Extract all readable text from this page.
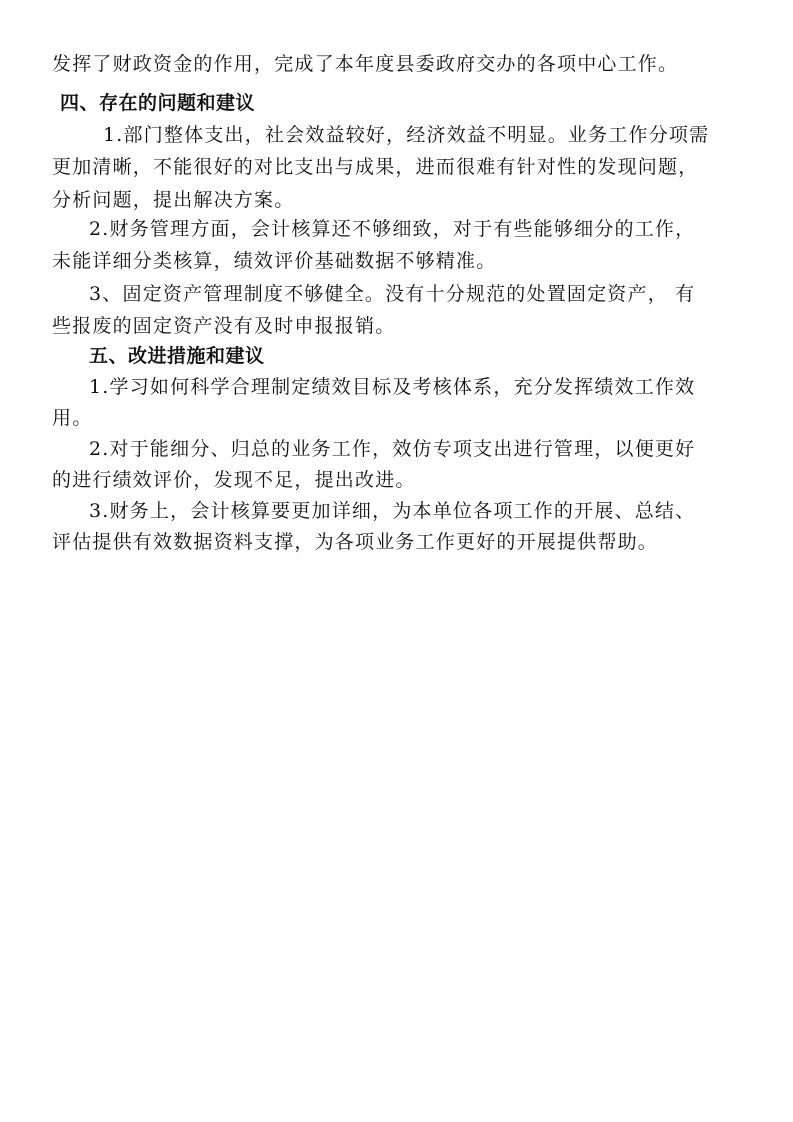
发挥了财政资金的作用，完成了本年度县委政府交办的各项中心工作。
四、存在的问题和建议
1.部门整体支出，社会效益较好，经济效益不明显。业务工作分项需
更加清晰，不能很好的对比支出与成果，进而很难有针对性的发现问题，
分析问题，提出解决方案。
2.财务管理方面，会计核算还不够细致，对于有些能够细分的工作，
未能详细分类核算，绩效评价基础数据不够精准。
3、固定资产管理制度不够健全。没有十分规范的处置固定资产， 有
些报废的固定资产没有及时申报报销。
五、改进措施和建议
1.学习如何科学合理制定绩效目标及考核体系，充分发挥绩效工作效
用。
2.对于能细分、归总的业务工作，效仿专项支出进行管理，以便更好
的进行绩效评价，发现不足，提出改进。
3.财务上，会计核算要更加详细，为本单位各项工作的开展、总结、
评估提供有效数据资料支撑，为各项业务工作更好的开展提供帮助。
